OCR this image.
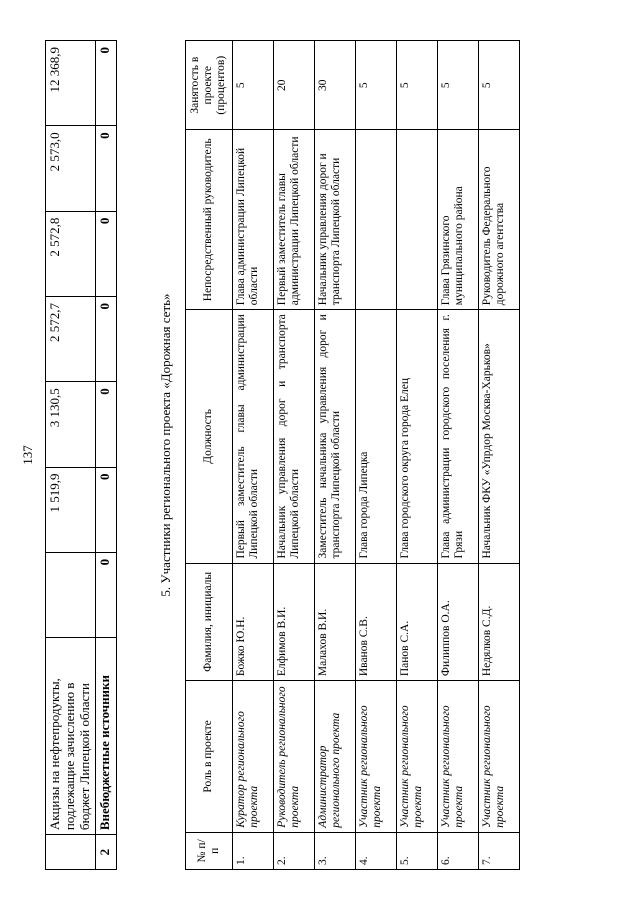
137
	Акцизы на нефтепродукты, подлежащие зачислению в бюджет Липецкой области		1 519,9	3 130,5	2 572,7	2 572,8	2 573,0	12 368,9
2	Внебюджетные источники	0	0	0	0	0	0	0
5. Участники регионального проекта «Дорожная сеть»
№ п/п	Роль в проекте	Фамилия, инициалы	Должность	Непосредственный руководитель	Занятость в проекте (процентов)
1.	Куратор регионального проекта	Божко Ю.Н.	Первый заместитель главы администрации Липецкой области	Глава администрации Липецкой области	5
2.	Руководитель регионального проекта	Елфимов В.И.	Начальник управления дорог и транспорта Липецкой области	Первый заместитель главы администрации Липецкой области	20
3.	Администратор регионального проекта	Малахов В.И.	Заместитель начальника управления дорог и транспорта Липецкой области	Начальник управления дорог и транспорта Липецкой области	30
4.	Участник регионального проекта	Иванов С.В.	Глава города Липецка		5
5.	Участник регионального проекта	Панов С.А.	Глава городского округа города Елец		5
6.	Участник регионального проекта	Филиппов О.А.	Глава администрации городского поселения г. Грязи	Глава Грязинского муниципального района	5
7.	Участник регионального проекта	Недялков С.Д.	Начальник ФКУ «Упрдор Москва-Харьков»	Руководитель Федерального дорожного агентства	5
